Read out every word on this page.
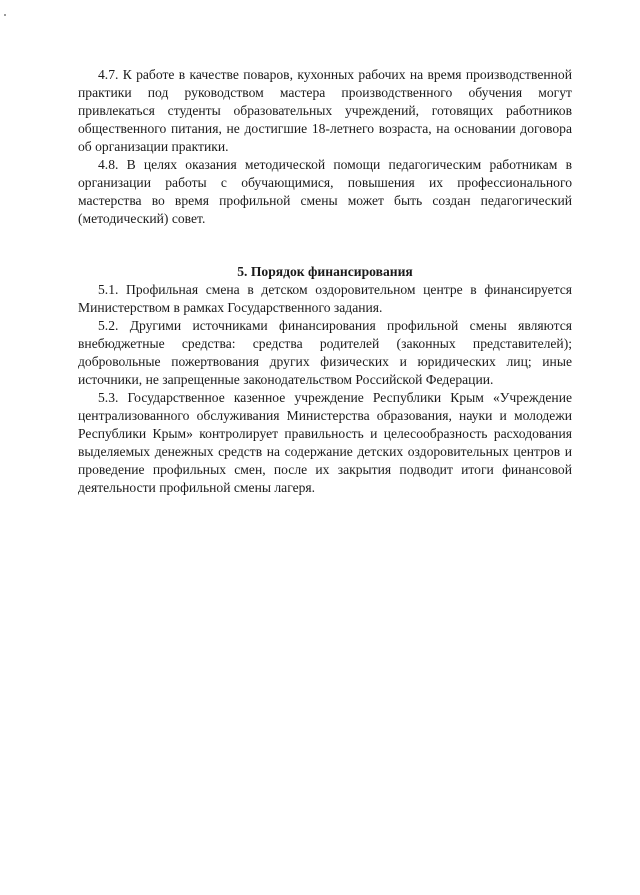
4.7. К работе в качестве поваров, кухонных рабочих на время производственной практики под руководством мастера производственного обучения могут привлекаться студенты образовательных учреждений, готовящих работников общественного питания, не достигшие 18-летнего возраста, на основании договора об организации практики.

4.8. В целях оказания методической помощи педагогическим работникам в организации работы с обучающимися, повышения их профессионального мастерства во время профильной смены может быть создан педагогический (методический) совет.

5. Порядок финансирования

5.1. Профильная смена в детском оздоровительном центре в финансируется Министерством в рамках Государственного задания.

5.2. Другими источниками финансирования профильной смены являются внебюджетные средства: средства родителей (законных представителей); добровольные пожертвования других физических и юридических лиц; иные источники, не запрещенные законодательством Российской Федерации.

5.3. Государственное казенное учреждение Республики Крым «Учреждение централизованного обслуживания Министерства образования, науки и молодежи Республики Крым» контролирует правильность и целесообразность расходования выделяемых денежных средств на содержание детских оздоровительных центров и проведение профильных смен, после их закрытия подводит итоги финансовой деятельности профильной смены лагеря.
